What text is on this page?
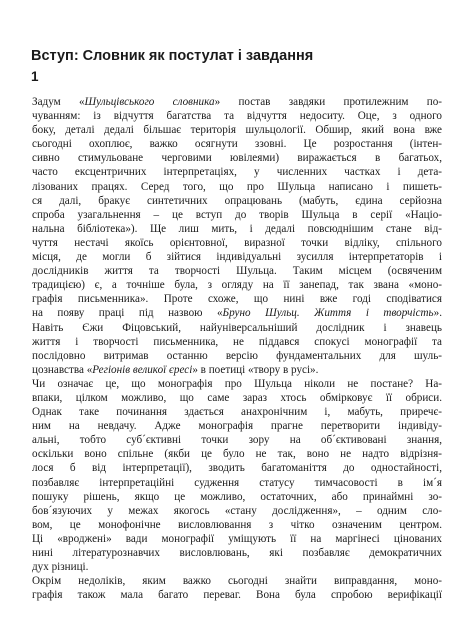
Вступ: Словник як постулат і завдання
1
Задум «Шульцівського словника» постав завдяки протилежним по-
чуванням: із відчуття багатства та відчуття недоситу. Оце, з одного
боку, деталі дедалі більшає територія шульцології. Обшир, який вона вже
сьогодні охоплює, важко осягнути ззовні. Це розростання (інтен-
сивно стимульоване черговими ювілеями) виражається в багатьох,
часто ексцентричних інтерпретаціях, у численних частках і дета-
лізованих працях. Серед того, що про Шульца написано і пишеть-
ся далі, бракує синтетичних опрацювань (мабуть, єдина серйозна
спроба узагальнення – це вступ до творів Шульца в серії «Націо-
нальна бібліотека»). Ще лиш мить, і дедалі повсюднішим стане від-
чуття нестачі якоїсь орієнтовної, виразної точки відліку, спільного
місця, де могли б зійтися індивідуальні зусилля інтерпретаторів і
дослідників життя та творчості Шульца. Таким місцем (освяченим
традицією) є, а точніше була, з огляду на її занепад, так звана «моно-
графія письменника». Проте схоже, що нині вже годі сподіватися
на появу праці під назвою «Бруно Шульц. Життя і творчість».
Навіть Єжи Фіцовський, найуніверсальніший дослідник і знавець
життя і творчості письменника, не піддався спокусі монографії та
послідовно витримав останню версію фундаментальних для шуль-
цознавства «Регіонів великої єресі» в поетиці «твору в русі».
Чи означає це, що монографія про Шульца ніколи не постане? На-
впаки, цілком можливо, що саме зараз хтось обмірковує її обриси.
Однак таке починання здається анахронічним і, мабуть, приречє-
ним на невдачу. Адже монографія прагне перетворити індивіду-
альні, тобто суб´єктивні точки зору на об´єктивовані знання,
оскільки воно спільне (якби це було не так, воно не надто відрізня-
лося б від інтерпретації), зводить багатоманіття до одностайності,
позбавляє інтерпретаційні судження статусу тимчасовості в ім´я
пошуку рішень, якщо це можливо, остаточних, або принаймні зо-
бов´язуючих у межах якогось «стану дослідження», – одним сло-
вом, це монофонічне висловлювання з чітко означеним центром.
Ці «вроджені» вади монографії уміщують її на маргінесі цінованих
нині літературознавчих висловлювань, які позбавляє демократичних
дух різниці.
Окрім недоліків, яким важко сьогодні знайти виправдання, моно-
графія також мала багато переваг. Вона була спробою верифікації
